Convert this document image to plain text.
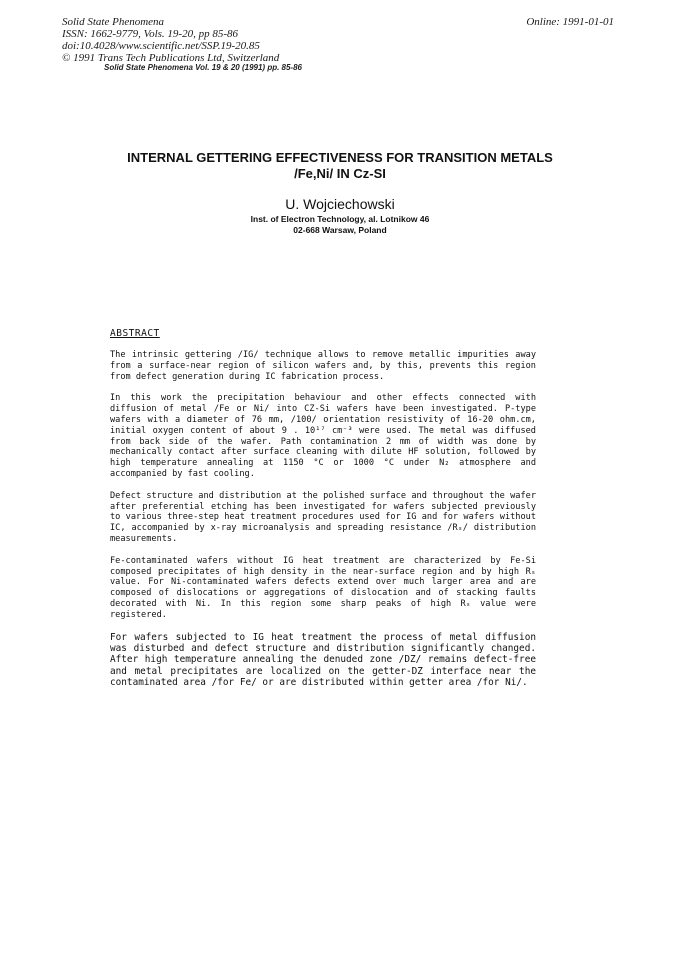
Solid State Phenomena
ISSN: 1662-9779, Vols. 19-20, pp 85-86
doi:10.4028/www.scientific.net/SSP.19-20.85
© 1991 Trans Tech Publications Ltd, Switzerland
Online: 1991-01-01
Solid State Phenomena Vol. 19 & 20 (1991) pp. 85-86
INTERNAL GETTERING EFFECTIVENESS FOR TRANSITION METALS
/Fe,Ni/ IN Cz-SI
U. Wojciechowski
Inst. of Electron Technology, al. Lotnikow 46
02-668 Warsaw, Poland
ABSTRACT

The intrinsic gettering /IG/ technique allows to remove metallic impurities away from a surface-near region of silicon wafers and, by this, prevents this region from defect generation during IC fabrication process.

In this work the precipitation behaviour and other effects connected with diffusion of metal /Fe or Ni/ into CZ-Si wafers have been investigated. P-type wafers with a diameter of 76 mm, /100/ orientation resistivity of 16-20 ohm.cm, initial oxygen content of about 9 . 10¹⁷ cm⁻³ were used. The metal was diffused from back side of the wafer. Path contamination 2 mm of width was done by mechanically contact after surface cleaning with dilute HF solution, followed by high temperature annealing at 1150 °C or 1000 °C under N₂ atmosphere and accompanied by fast cooling.

Defect structure and distribution at the polished surface and throughout the wafer after preferential etching has been investigated for wafers subjected previously to various three-step heat treatment procedures used for IG and for wafers without IC, accompanied by x-ray microanalysis and spreading resistance /Rₛ/ distribution measurements.

Fe-contaminated wafers without IG heat treatment are characterized by Fe-Si composed precipitates of high density in the near-surface region and by high Rₛ value. For Ni-contaminated wafers defects extend over much larger area and are composed of dislocations or aggregations of dislocation and of stacking faults decorated with Ni. In this region some sharp peaks of high Rₛ value were registered.

For wafers subjected to IG heat treatment the process of metal diffusion was disturbed and defect structure and distribution significantly changed. After high temperature annealing the denuded zone /DZ/ remains defect-free and metal precipitates are localized on the getter-DZ interface near the contaminated area /for Fe/ or are distributed within getter area /for Ni/.
